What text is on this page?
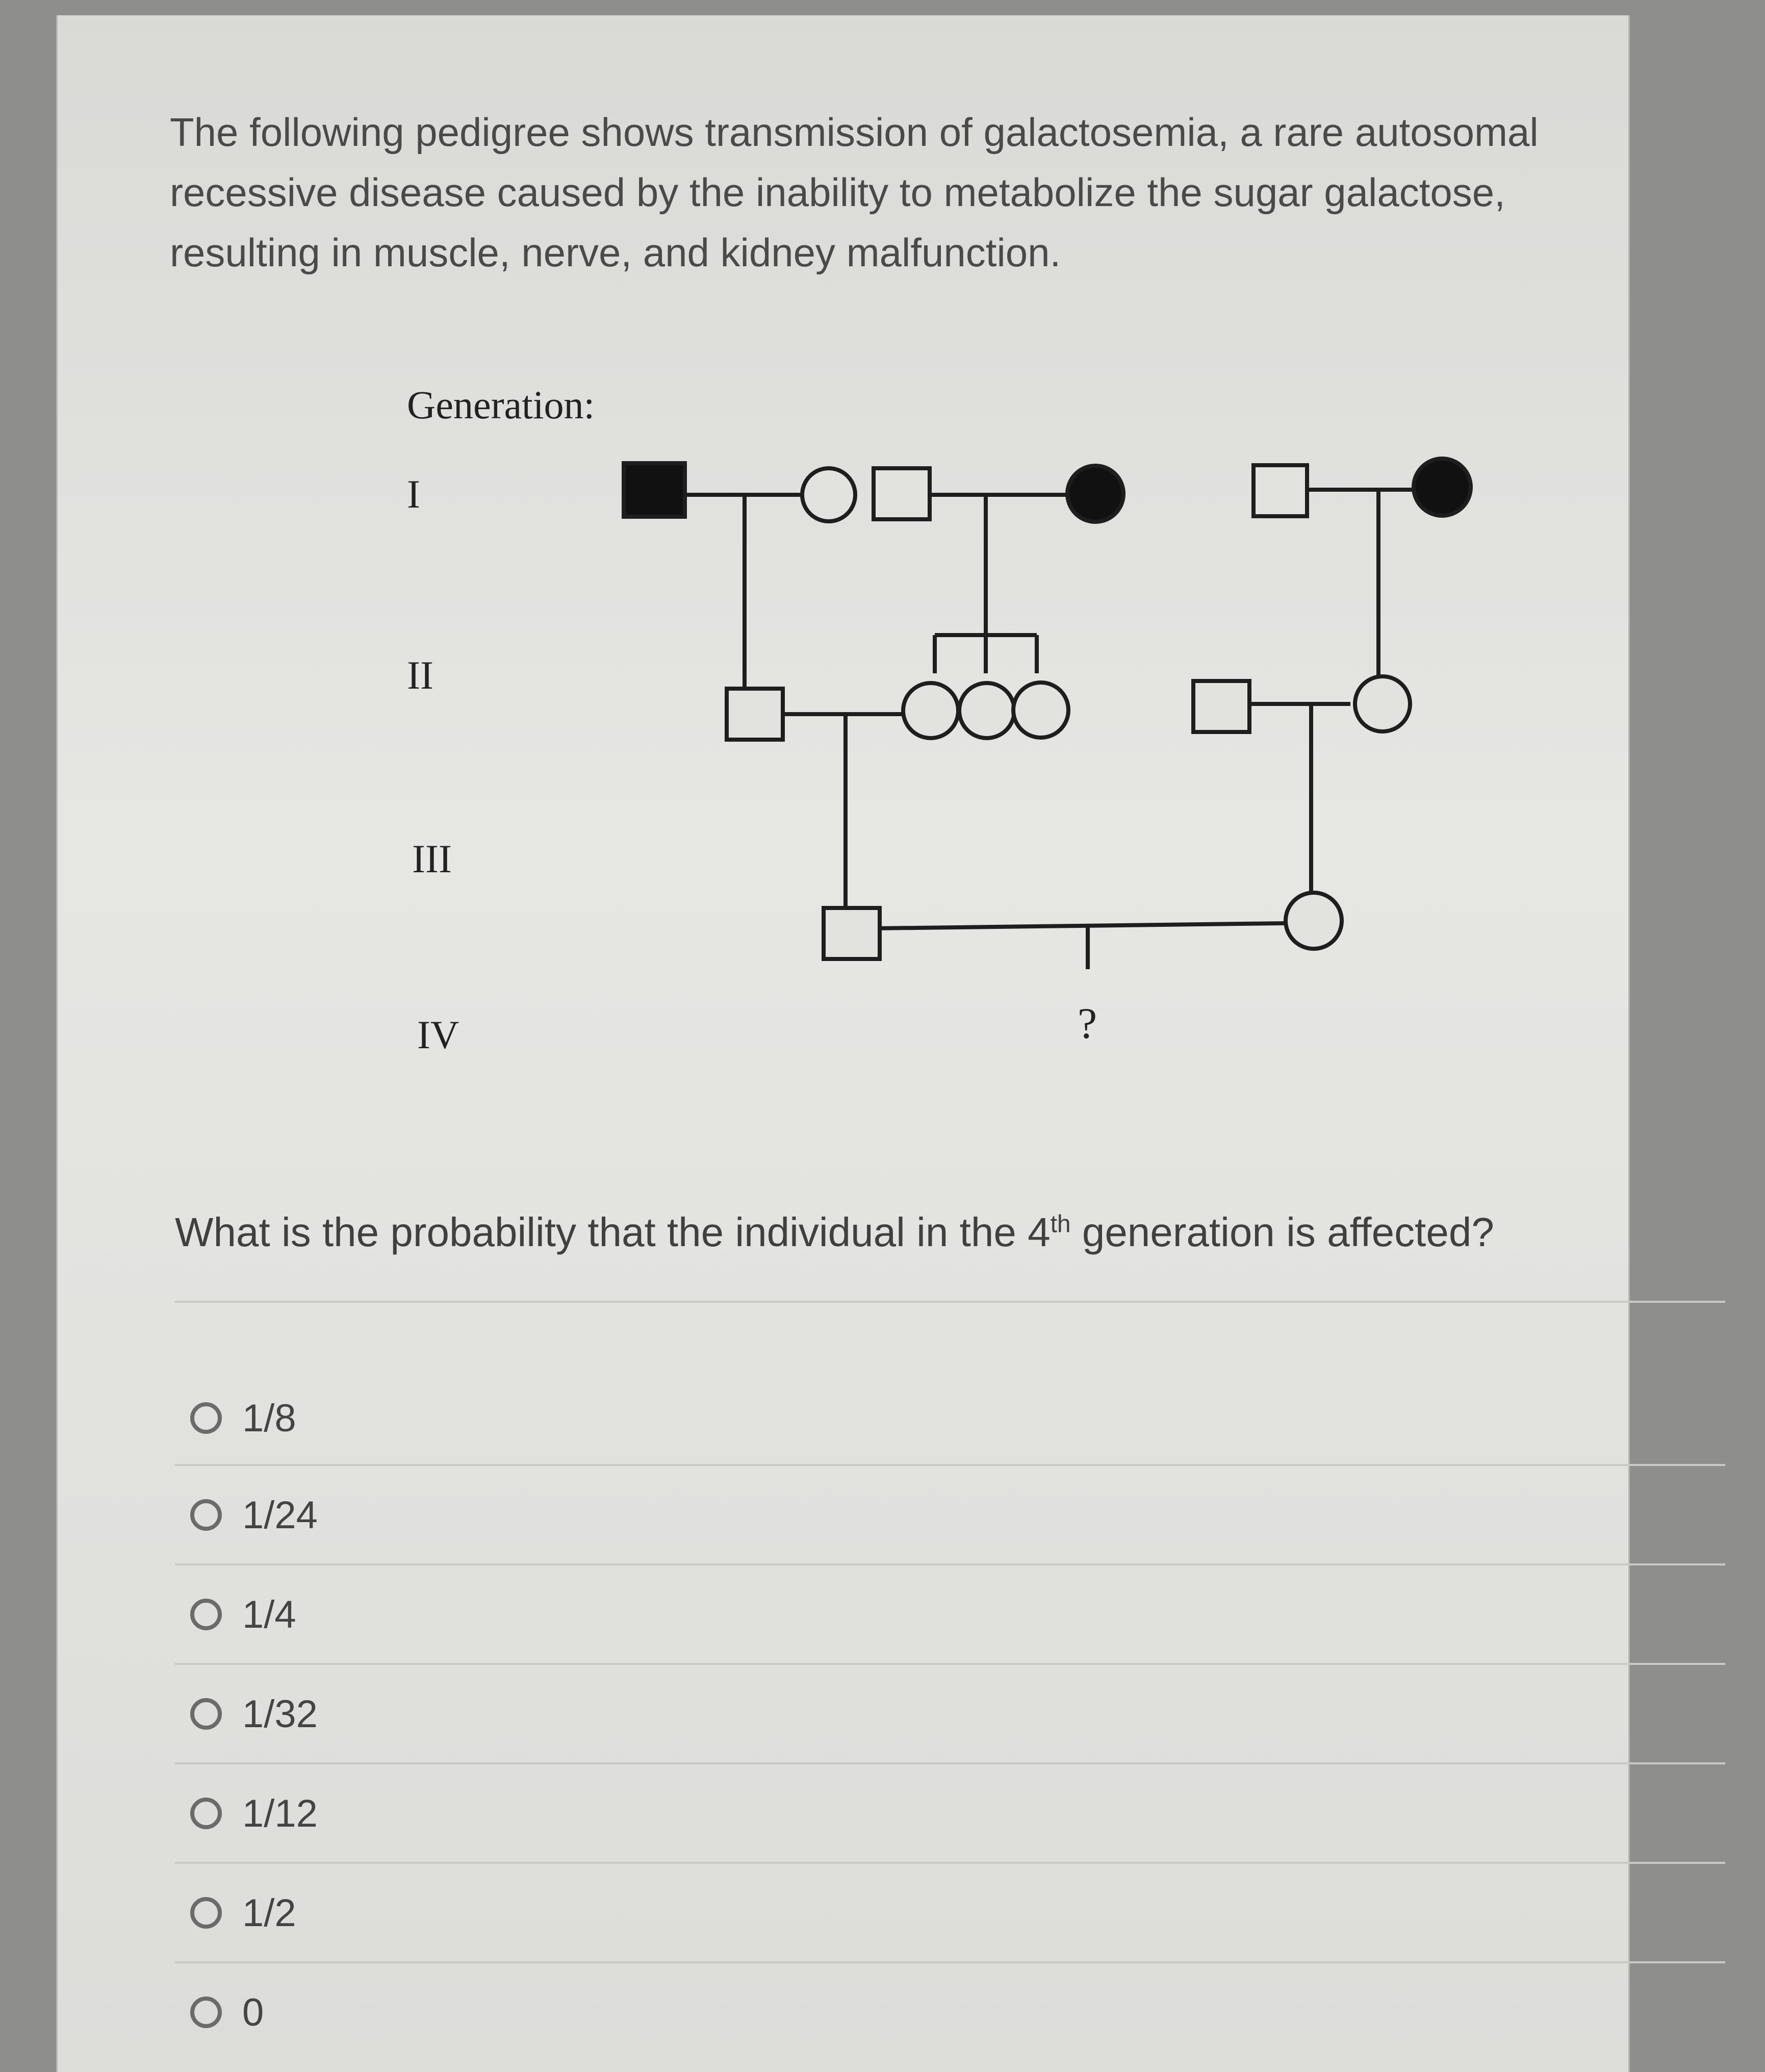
The following pedigree shows transmission of galactosemia, a rare autosomal recessive disease caused by the inability to metabolize the sugar galactose, resulting in muscle, nerve, and kidney malfunction.

Generation:
I
II
III
IV	?

What is the probability that the individual in the 4th generation is affected?

1/8
1/24
1/4
1/32
1/12
1/2
0
